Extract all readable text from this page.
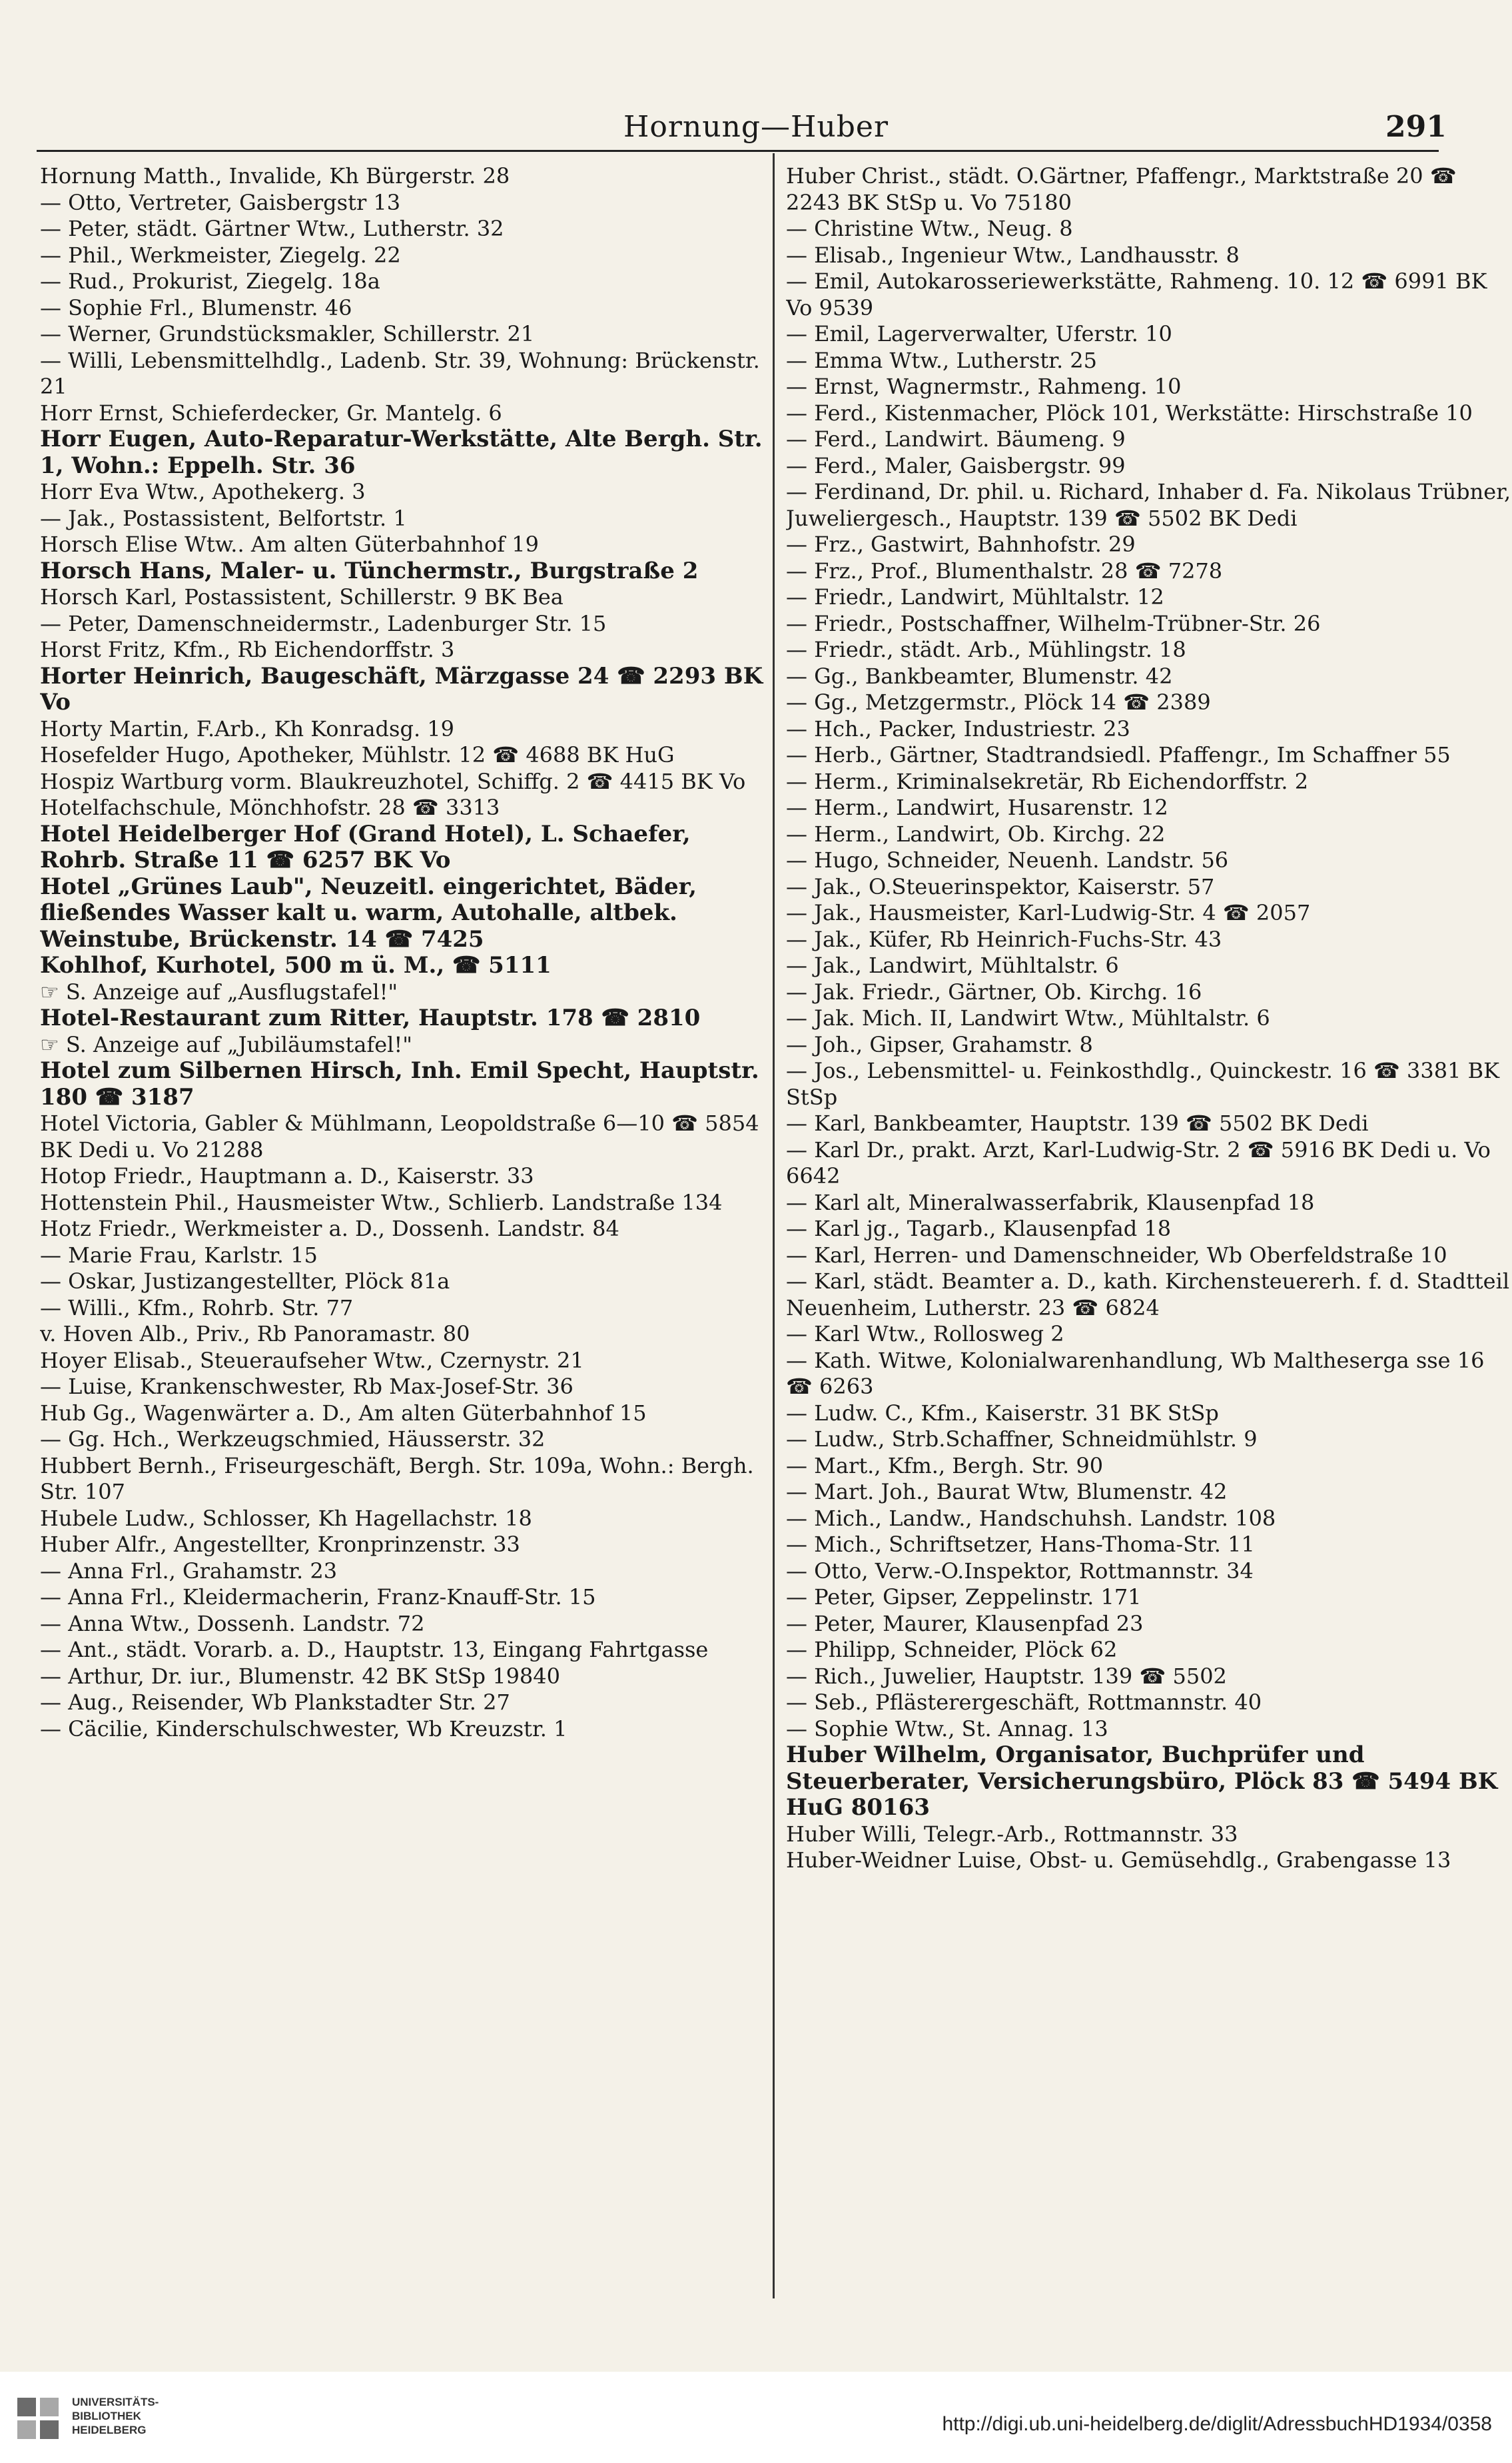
Hornung—Huber	291
Hornung Matth., Invalide, Kh Bürgerstr. 28
— Otto, Vertreter, Gaisbergstr 13
— Peter, städt. Gärtner Wtw., Lutherstr. 32
— Phil., Werkmeister, Ziegelg. 22
— Rud., Prokurist, Ziegelg. 18a
— Sophie Frl., Blumenstr. 46
— Werner, Grundstücksmakler, Schillerstr. 21
— Willi, Lebensmittelhdlg., Ladenb. Str. 39, Wohnung: Brückenstr. 21
Horr Ernst, Schieferdecker, Gr. Mantelg. 6
Horr Eugen, Auto-Reparatur-Werkstätte, Alte Bergh. Str. 1, Wohn.: Eppelh. Str. 36
Horr Eva Wtw., Apothekerg. 3
— Jak., Postassistent, Belfortstr. 1
Horsch Elise Wtw.. Am alten Güterbahnhof 19
Horsch Hans, Maler- u. Tünchermstr., Burgstraße 2
Horsch Karl, Postassistent, Schillerstr. 9 BK Bea
— Peter, Damenschneidermstr., Ladenburger Str. 15
Horst Fritz, Kfm., Rb Eichendorffstr. 3
Horter Heinrich, Baugeschäft, Märzgasse 24 ☎ 2293 BK Vo
Horty Martin, F.Arb., Kh Konradsg. 19
Hosefelder Hugo, Apotheker, Mühlstr. 12 ☎ 4688 BK HuG
Hospiz Wartburg vorm. Blaukreuzhotel, Schiffg. 2 ☎ 4415 BK Vo
Hotelfachschule, Mönchhofstr. 28 ☎ 3313
Hotel Heidelberger Hof (Grand Hotel), L. Schaefer, Rohrb. Straße 11 ☎ 6257 BK Vo
Hotel „Grünes Laub", Neuzeitl. eingerichtet, Bäder, fließendes Wasser kalt u. warm, Autohalle, altbek. Weinstube, Brückenstr. 14 ☎ 7425
Kohlhof, Kurhotel, 500 m ü. M., ☎ 5111
☞ S. Anzeige auf „Ausflugstafel!"
Hotel-Restaurant zum Ritter, Hauptstr. 178 ☎ 2810
☞ S. Anzeige auf „Jubiläumstafel!"
Hotel zum Silbernen Hirsch, Inh. Emil Specht, Hauptstr. 180 ☎ 3187
Hotel Victoria, Gabler & Mühlmann, Leopoldstraße 6—10 ☎ 5854 BK Dedi u. Vo 21288
Hotop Friedr., Hauptmann a. D., Kaiserstr. 33
Hottenstein Phil., Hausmeister Wtw., Schlierb. Landstraße 134
Hotz Friedr., Werkmeister a. D., Dossenh. Landstr. 84
— Marie Frau, Karlstr. 15
— Oskar, Justizangestellter, Plöck 81a
— Willi., Kfm., Rohrb. Str. 77
v. Hoven Alb., Priv., Rb Panoramastr. 80
Hoyer Elisab., Steueraufseher Wtw., Czernystr. 21
— Luise, Krankenschwester, Rb Max-Josef-Str. 36
Hub Gg., Wagenwärter a. D., Am alten Güterbahnhof 15
— Gg. Hch., Werkzeugschmied, Häusserstr. 32
Hubbert Bernh., Friseurgeschäft, Bergh. Str. 109a, Wohn.: Bergh. Str. 107
Hubele Ludw., Schlosser, Kh Hagellachstr. 18
Huber Alfr., Angestellter, Kronprinzenstr. 33
— Anna Frl., Grahamstr. 23
— Anna Frl., Kleidermacherin, Franz-Knauff-Str. 15
— Anna Wtw., Dossenh. Landstr. 72
— Ant., städt. Vorarb. a. D., Hauptstr. 13, Eingang Fahrtgasse
— Arthur, Dr. iur., Blumenstr. 42 BK StSp 19840
— Aug., Reisender, Wb Plankstadter Str. 27
— Cäcilie, Kinderschulschwester, Wb Kreuzstr. 1
Huber Christ., städt. O.Gärtner, Pfaffengr., Marktstraße 20 ☎ 2243 BK StSp u. Vo 75180
— Christine Wtw., Neug. 8
— Elisab., Ingenieur Wtw., Landhausstr. 8
— Emil, Autokarosseriewerkstätte, Rahmeng. 10. 12 ☎ 6991 BK Vo 9539
— Emil, Lagerverwalter, Uferstr. 10
— Emma Wtw., Lutherstr. 25
— Ernst, Wagnermstr., Rahmeng. 10
— Ferd., Kistenmacher, Plöck 101, Werkstätte: Hirschstraße 10
— Ferd., Landwirt. Bäumeng. 9
— Ferd., Maler, Gaisbergstr. 99
— Ferdinand, Dr. phil. u. Richard, Inhaber d. Fa. Nikolaus Trübner, Juweliergesch., Hauptstr. 139 ☎ 5502 BK Dedi
— Frz., Gastwirt, Bahnhofstr. 29
— Frz., Prof., Blumenthalstr. 28 ☎ 7278
— Friedr., Landwirt, Mühltalstr. 12
— Friedr., Postschaffner, Wilhelm-Trübner-Str. 26
— Friedr., städt. Arb., Mühlingstr. 18
— Gg., Bankbeamter, Blumenstr. 42
— Gg., Metzgermstr., Plöck 14 ☎ 2389
— Hch., Packer, Industriestr. 23
— Herb., Gärtner, Stadtrandsiedl. Pfaffengr., Im Schaffner 55
— Herm., Kriminalsekretär, Rb Eichendorffstr. 2
— Herm., Landwirt, Husarenstr. 12
— Herm., Landwirt, Ob. Kirchg. 22
— Hugo, Schneider, Neuenh. Landstr. 56
— Jak., O.Steuerinspektor, Kaiserstr. 57
— Jak., Hausmeister, Karl-Ludwig-Str. 4 ☎ 2057
— Jak., Küfer, Rb Heinrich-Fuchs-Str. 43
— Jak., Landwirt, Mühltalstr. 6
— Jak. Friedr., Gärtner, Ob. Kirchg. 16
— Jak. Mich. II, Landwirt Wtw., Mühltalstr. 6
— Joh., Gipser, Grahamstr. 8
— Jos., Lebensmittel- u. Feinkosthdlg., Quinckestr. 16 ☎ 3381 BK StSp
— Karl, Bankbeamter, Hauptstr. 139 ☎ 5502 BK Dedi
— Karl Dr., prakt. Arzt, Karl-Ludwig-Str. 2 ☎ 5916 BK Dedi u. Vo 6642
— Karl alt, Mineralwasserfabrik, Klausenpfad 18
— Karl jg., Tagarb., Klausenpfad 18
— Karl, Herren- und Damenschneider, Wb Oberfeldstraße 10
— Karl, städt. Beamter a. D., kath. Kirchensteuererh. f. d. Stadtteil Neuenheim, Lutherstr. 23 ☎ 6824
— Karl Wtw., Rollosweg 2
— Kath. Witwe, Kolonialwarenhandlung, Wb Maltheserga sse 16 ☎ 6263
— Ludw. C., Kfm., Kaiserstr. 31 BK StSp
— Ludw., Strb.Schaffner, Schneidmühlstr. 9
— Mart., Kfm., Bergh. Str. 90
— Mart. Joh., Baurat Wtw, Blumenstr. 42
— Mich., Landw., Handschuhsh. Landstr. 108
— Mich., Schriftsetzer, Hans-Thoma-Str. 11
— Otto, Verw.-O.Inspektor, Rottmannstr. 34
— Peter, Gipser, Zeppelinstr. 171
— Peter, Maurer, Klausenpfad 23
— Philipp, Schneider, Plöck 62
— Rich., Juwelier, Hauptstr. 139 ☎ 5502
— Seb., Pflästerergeschäft, Rottmannstr. 40
— Sophie Wtw., St. Annag. 13
Huber Wilhelm, Organisator, Buchprüfer und Steuerberater, Versicherungsbüro, Plöck 83 ☎ 5494 BK HuG 80163
Huber Willi, Telegr.-Arb., Rottmannstr. 33
Huber-Weidner Luise, Obst- u. Gemüsehdlg., Grabengasse 13
UNIVERSITÄTS-
BIBLIOTHEK
HEIDELBERG	http://digi.ub.uni-heidelberg.de/diglit/AdressbuchHD1934/0358
